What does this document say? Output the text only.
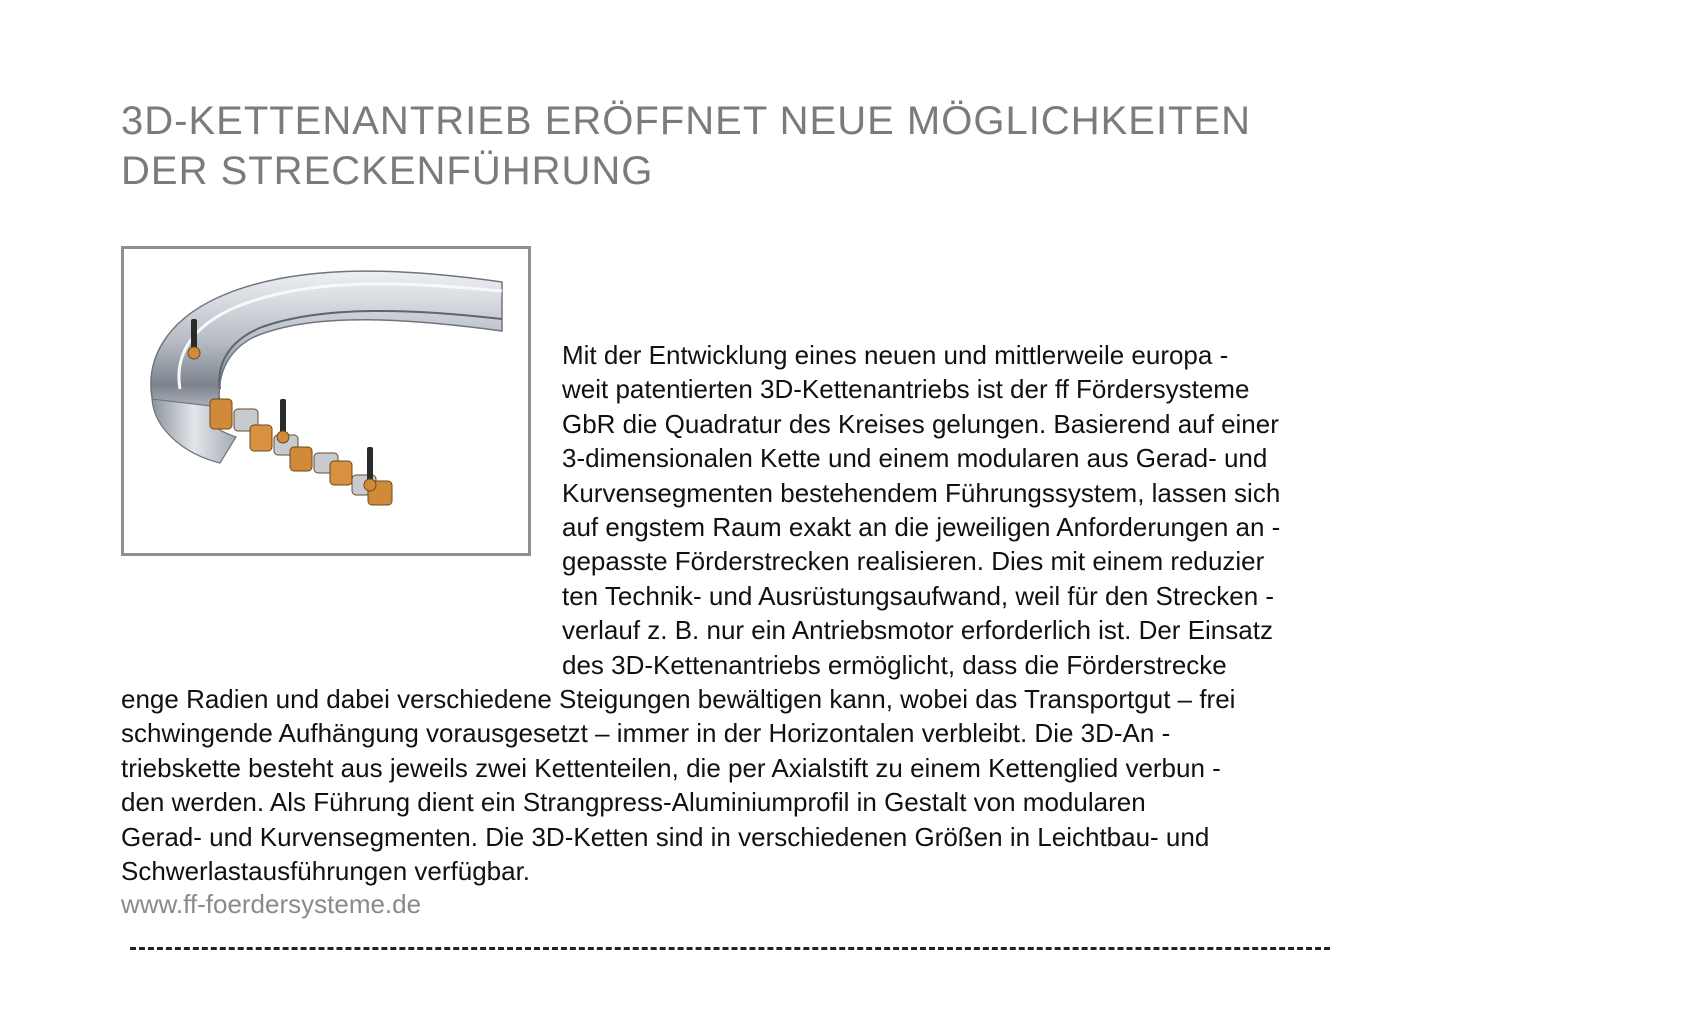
3D-KETTENANTRIEB ERÖFFNET NEUE MÖGLICHKEITEN
DER STRECKENFÜHRUNG
Mit der Entwicklung eines neuen und mittlerweile europa -
weit patentierten 3D-Kettenantriebs ist der ff Fördersysteme
GbR die Quadratur des Kreises gelungen. Basierend auf einer
3-dimensionalen Kette und einem modularen aus Gerad- und
Kurvensegmenten bestehendem Führungssystem, lassen sich
auf engstem Raum exakt an die jeweiligen Anforderungen an -
gepasste Förderstrecken realisieren. Dies mit einem reduzier
ten Technik- und Ausrüstungsaufwand, weil für den Strecken -
verlauf z. B. nur ein Antriebsmotor erforderlich ist. Der Einsatz
des 3D-Kettenantriebs ermöglicht, dass die Förderstrecke
enge Radien und dabei verschiedene Steigungen bewältigen kann, wobei das Transportgut – frei
schwingende Aufhängung vorausgesetzt – immer in der Horizontalen verbleibt. Die 3D-An -
triebskette besteht aus jeweils zwei Kettenteilen, die per Axialstift zu einem Kettenglied verbun -
den werden. Als Führung dient ein Strangpress-Aluminiumprofil in Gestalt von modularen
Gerad- und Kurvensegmenten. Die 3D-Ketten sind in verschiedenen Größen in Leichtbau- und
Schwerlastausführungen verfügbar.
www.ff-foerdersysteme.de
